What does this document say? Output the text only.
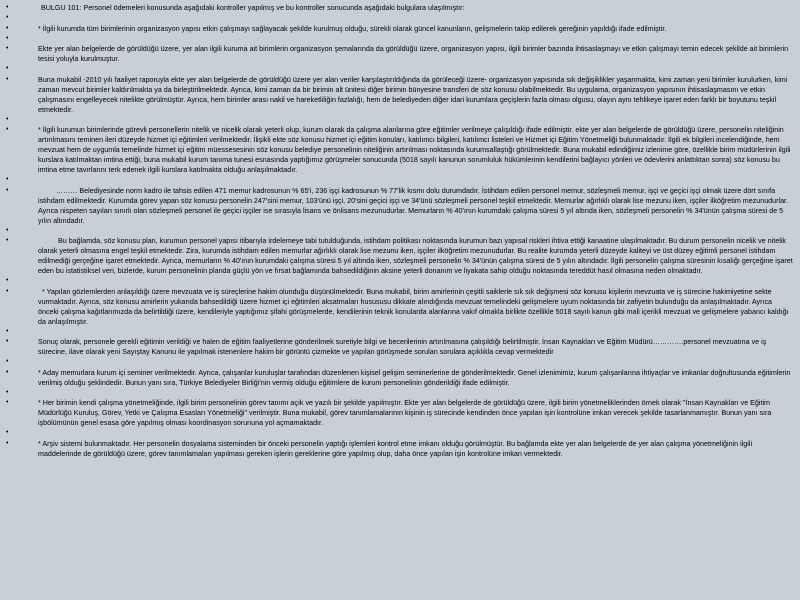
•	BULGU 101: Personel ödemeleri konusunda aşağıdaki kontroller yapılmış ve bu kontroller sonucunda aşağıdaki bulgulara ulaşılmıştır:
•
•	* İlgili kurumda tüm birimlerinin organizasyon yapısı etkin çalışmayı sağlayacak şekilde kurulmuş olduğu, sürekli olarak güncel kanunların, gelişmelerin takip edilerek gereğinin yapıldığı ifade edilmiştir.
•
•	Ekte yer alan belgelerde de görüldüğü üzere, yer alan ilgili kuruma ait birimlerin organizasyon şemalarında da görüldüğü üzere, organizasyon yapısı, ilgili birimler bazında ihtisaslaşmayı ve etkin çalışmayı temin edecek şekilde ait birimlerin tesisi yoluyla kurulmuştur.
•
•	Buna mukabil -2010 yılı faaliyet raporuyla ekte yer alan belgelerde de görüldüğü üzere yer alan veriler karşılaştırıldığında da görüleceği üzere- organizasyon yapısında sık değişiklikler yaşanmakta, kimi zaman yeni birimler kurulurken, kimi zaman mevcut birimler kaldırılmakta ya da birleştirilmektedir. Ayrıca, kimi zaman da bir birimin alt ünitesi diğer birimin bünyesine transferi de söz konusu olabilmektedir. Bu uygulama, organizasyon yapısının ihtisaslaşmasını ve etkin çalışmasını engelleyecek nitelikte görülmüştür. Ayrıca, hem birimler arası nakil ve hareketliliğin fazlalığı, hem de belediyeden diğer idari kurumlara geçişlerin fazla olması olgusu, olayın aynı tehlikeye işaret eden farklı bir boyutunu teşkil etmektedir.
•
•	* İlgili kurumun birimlerinde görevli personellerin nitelik ve nicelik olarak yeterli olup, kurum olarak da çalışma alanlarına göre eğitimler verilmeye çalışıldığı ifade edilmiştir. ekte yer alan belgelerde de görüldüğü üzere, personelin niteliğinin artırılmasını teminen ileri düzeyde hizmet içi eğitimleri verilmektedir. İlişikli ekte söz konusu hizmet içi eğitim konuları, katılımcı bilgileri, katılımcı listeleri ve Hizmet içi Eğitim Yönetmeliği bulunmaktadır. İlgili ek bilgileri incelendiğinde, hem mevzuat hem de uygumla temelinde hizmet içi eğitim müessesesinin söz konusu belediye personelinin niteliğinin artırılması noktasında kurumsallaştığı görülmektedir. Buna mukabil edindiğimiz izlenime göre, özellikle birim müdürlerinin ilgili kurslara katılmaktan imtina ettiği, buna mukabil kurum tanıma tunesi esnasında yaptığımız görüşmeler sonucunda (5018 sayılı kanunun sorumluluk hükümlerinin kendilerini bağlayıcı yönleri ve ödevlerini anlattıktan sonra) söz konusu bu imtina etme tavırlarını terk edenek ilgili kurslara katılmakta olduğu anlaşılmaktadır.
•
•	……… Belediyesinde norm kadro ile tahsis edilen 471 memur kadrosunun % 65'i, 236 işçi kadrosunun % 77'lik kısmı dolu durumdadır. İstihdam edilen personel memur, sözleşmeli memur, işçi ve geçici işçi olmak üzere dört sınıfa istihdam edilmektedir. Kurumda görev yapan söz konusu personelin 247'sini memur, 103'ünü işçi, 20'sini geçici işçi ve 34'ünü sözleşmeli personel teşkil etmektedir. Memurlar ağırlıklı olarak lise mezunu iken, işçiler ilköğretim mezunudurlar. Ayrıca nispeten sayıları sınırlı olan sözleşmeli personel ile geçici işçiler ise sırasıyla lisans ve önlisans mezunudurlar. Memurların % 40'ının kurumdaki çalışma süresi 5 yıl altında iken, sözleşmeli personelin % 34'ünün çalışma süresi de 5 yılın altındadır.
•
•	Bu bağlamda, söz konusu plan, kurumun personel yapısı itibarıyla irdelemeye tabi tutulduğunda, istihdam politikası noktasında kurumun bazı yapısal riskleri ihtiva ettiği kanaatine ulaşılmaktadır. Bu durum personelin nicelik ve nitelik olarak yeterli olmasına engel teşkil etmektedir. Zira, kurumda istihdam edilen memurlar ağırlıklı olarak lise mezunu iken, işçiler ilköğretim mezunudurlar. Bu realite kurumda yeterli düzeyde kaliteyi ve üst düzey eğitimli personel istihdam edilmediği gerçeğine işaret etmektedir. Ayrıca, memurların % 40'ının kurumdaki çalışma süresi 5 yıl altında iken, sözleşmeli personelin % 34'ünün çalışma süresi de 5 yılın altındadır. İlgili personelin çalışma süresinin kısalığı gerçeğine işaret eden bu istatistiksel veri, bizlerde, kurum personelinin planda güçlü yön ve fırsat bağlamında bahsedildiğinin aksine yeterli donanım ve liyakata sahip olduğu noktasında tereddüt hasıl olmasına neden olmaktadır.
•
•	* Yapılan gözlemlerden anlaşıldığı üzere mevzuata ve iş süreçlerine hakim olunduğu düşünülmektedir. Buna mukabil, birim amirlerinin çeşitli saiklerle sık sık değişmesi söz konusu kişilerin mevzuata ve iş sürecine hakimiyetine sekte vurmaktadır. Ayrıca, söz konusu amirlerin yukarıda bahsedildiği üzere hizmet içi eğitimleri aksatmaları husususu dikkate alındığında mevzuat temelindeki gelişmelere uyum noktasında bir zafiyetin bulunduğu da anlaşılmaktadır. Ayrıca önceki çalışma kağıtlarımızda da belirtildiği üzere, kendileriyle yaptığımız şifahi görüşmelerde, kendilerinin teknik konularda alanlarına vakıf olmakla birlikte özellikle 5018 sayılı kanun gibi mali içerikli mevzuat ve gelişmelere yabancı kaldığı da anlaşılmıştır.
•
•	Sonuç olarak, personele gerekli eğitimin verildiği ve halen de eğitim faaliyetlerine gönderilmek suretiyle bilgi ve becerilerinin artırılmasına çalışıldığı belirtilmiştir. İnsan Kaynakları ve Eğitim Müdürü………….personel mevzuatına ve iş sürecine, ilave olarak yeni Sayıştay Kanunu ile yapılmak istenenlere hakim bir görüntü çizmekte ve yapılan görüşmede sorulan sorulara açıklıkla cevap vermektedir
•
•	* Aday memurlara kurum içi seminer verilmektedir. Ayrıca, çalışanlar kuruluşlar tarafından düzenlenen kişisel gelişim seminerlerine de gönderilmektedir. Genel izlenimimiz, kurum çalışanlarına ihtiyaçlar ve imkanlar doğrultusunda eğitimlerin verilmiş olduğu şeklindedir. Bunun yanı sıra, Türkiye Belediyeler Birliği'nin vermiş olduğu eğitimlere de kurum personelinin gönderildiği ifade edilmiştir.
•
•	* Her birimin kendi çalışma yönetmeliğinde, ilgili birim personelinin görev tanımı açık ve yazılı bir şekilde yapılmıştır. Ekte yer alan belgelerde de görüldüğü üzere, ilgili birim yönetmeliklerinden örnek olarak "İnsan Kaynakları ve Eğitim Müdürlüğü Kuruluş, Görev, Yetki ve Çalışma Esasları Yönetmeliği" verilmiştir. Buna mukabil, görev tanımlamalarının kişinin iş sürecinde kendinden önce yapılan işin kontrolüne imkan verecek şekilde tasarlanmamıştır. Bunun yanı sıra işbölümünün genel esasa göre yapılmış olması koordinasyon sorununa yol açmamaktadır.
•
•	* Arşiv sistemi bulunmaktadır. Her personelin dosyalama sisteminden bir önceki personelin yaptığı işlemleri kontrol etme imkanı olduğu görülmüştür. Bu bağlamda ekte yer alan belgelerde de yer alan çalışma yönetmeliğinin ilgili maddelerinde de görüldüğü üzere, görev tanımlamaları yapılması gereken işlerin gereklerine göre yapılmış olup, daha önce yapılan işin kontrolüne imkan vermektedir.
